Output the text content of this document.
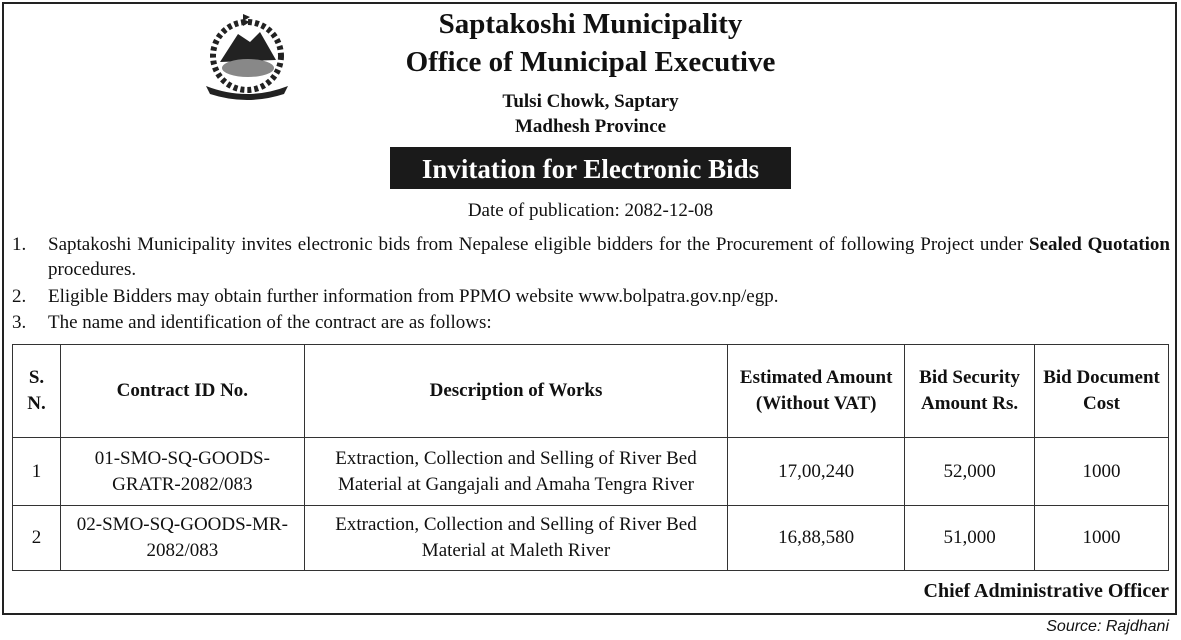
Saptakoshi Municipality
Office of Municipal Executive
Tulsi Chowk, Saptary
Madhesh Province
Invitation for Electronic Bids
Date of publication: 2082-12-08
1. Saptakoshi Municipality invites electronic bids from Nepalese eligible bidders for the Procurement of following Project under Sealed Quotation procedures.
2. Eligible Bidders may obtain further information from PPMO website www.bolpatra.gov.np/egp.
3. The name and identification of the contract are as follows:
S. N.	Contract ID No.	Description of Works	Estimated Amount (Without VAT)	Bid Security Amount Rs.	Bid Document Cost
1	01-SMO-SQ-GOODS-GRATR-2082/083	Extraction, Collection and Selling of River Bed Material at Gangajali and Amaha Tengra River	17,00,240	52,000	1000
2	02-SMO-SQ-GOODS-MR-2082/083	Extraction, Collection and Selling of River Bed Material at Maleth River	16,88,580	51,000	1000
Chief Administrative Officer
Source: Rajdhani
